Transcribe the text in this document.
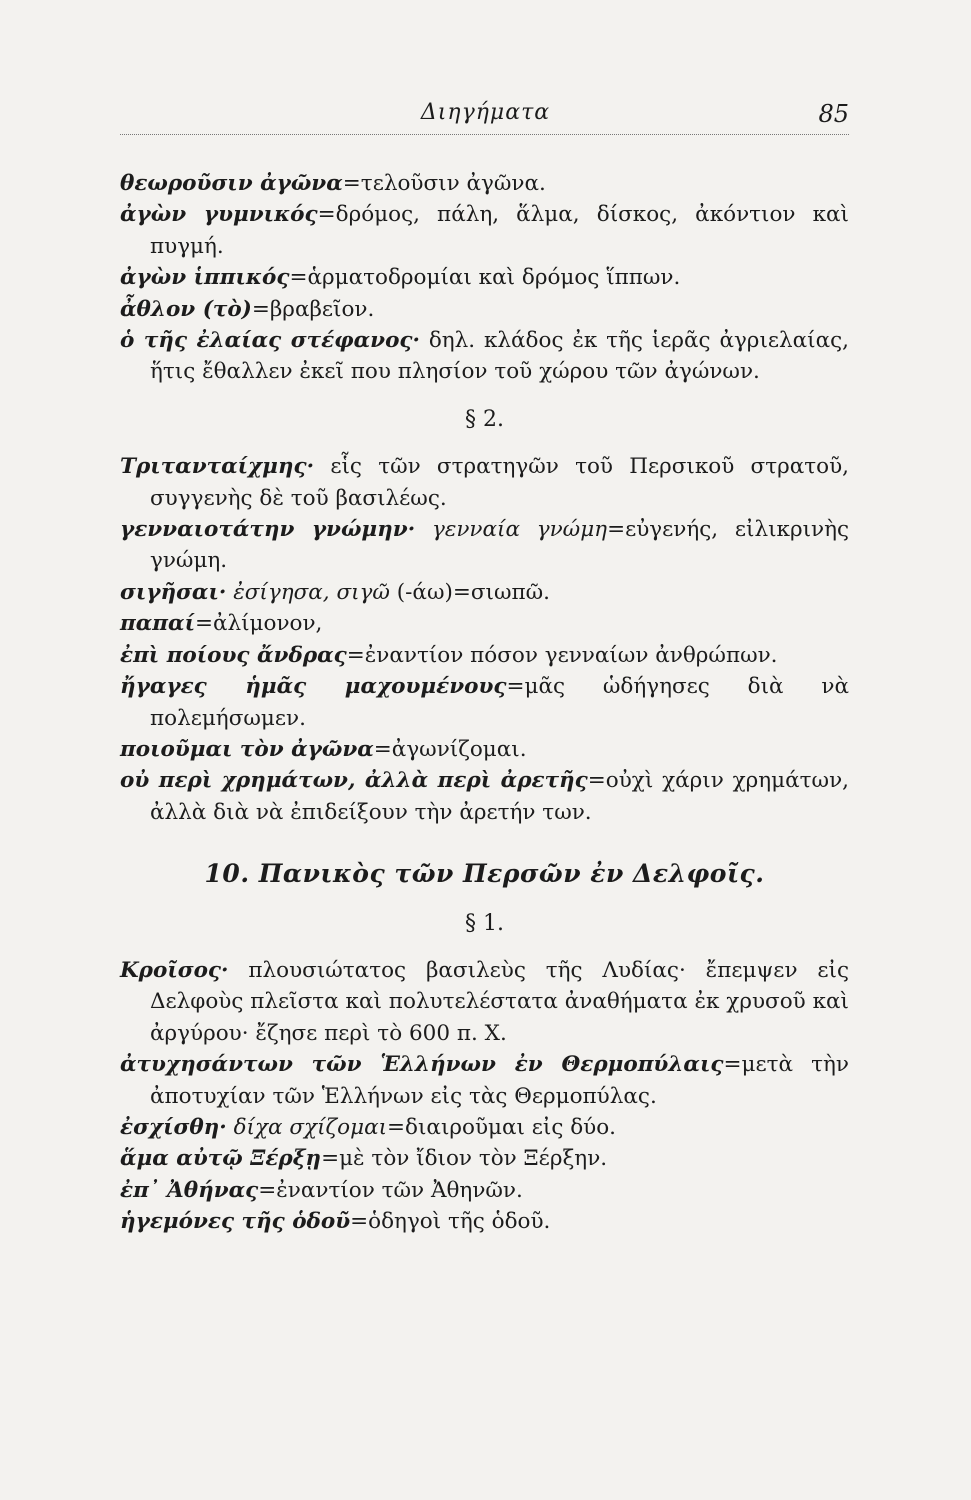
Διηγήματα	85

θεωροῦσιν ἀγῶνα=τελοῦσιν ἀγῶνα.

ἀγὼν γυμνικός=δρόμος, πάλη, ἅλμα, δίσκος, ἀκόντιον καὶ πυγμή.

ἀγὼν ἱππικός=ἁρματοδρομίαι καὶ δρόμος ἵππων.

ἆθλον (τὸ)=βραβεῖον.

ὁ τῆς ἐλαίας στέφανος· δηλ. κλάδος ἐκ τῆς ἱερᾶς ἀγριελαίας, ἥτις ἔθαλλεν ἐκεῖ που πλησίον τοῦ χώρου τῶν ἀγώνων.

§ 2.

Τριτανταίχμης· εἷς τῶν στρατηγῶν τοῦ Περσικοῦ στρατοῦ, συγγενὴς δὲ τοῦ βασιλέως.

γενναιοτάτην γνώμην· γενναία γνώμη=εὐγενής, εἰλικρινὴς γνώμη.

σιγῆσαι· ἐσίγησα, σιγῶ (-άω)=σιωπῶ.

παπαί=ἀλίμονον,

ἐπὶ ποίους ἄνδρας=ἐναντίον πόσον γενναίων ἀνθρώπων.

ἤγαγες ἡμᾶς μαχουμένους=μᾶς ὡδήγησες διὰ νὰ πολεμήσωμεν.

ποιοῦμαι τὸν ἀγῶνα=ἀγωνίζομαι.

οὐ περὶ χρημάτων, ἀλλὰ περὶ ἀρετῆς=οὐχὶ χάριν χρημάτων, ἀλλὰ διὰ νὰ ἐπιδείξουν τὴν ἀρετήν των.

10. Πανικὸς τῶν Περσῶν ἐν Δελφοῖς.
§ 1.

Κροῖσος· πλουσιώτατος βασιλεὺς τῆς Λυδίας· ἔπεμψεν εἰς Δελφοὺς πλεῖστα καὶ πολυτελέστατα ἀναθήματα ἐκ χρυσοῦ καὶ ἀργύρου· ἔζησε περὶ τὸ 600 π. Χ.

ἀτυχησάντων τῶν Ἑλλήνων ἐν Θερμοπύλαις=μετὰ τὴν ἀποτυχίαν τῶν Ἑλλήνων εἰς τὰς Θερμοπύλας.

ἐσχίσθη· δίχα σχίζομαι=διαιροῦμαι εἰς δύο.

ἅμα αὐτῷ Ξέρξῃ=μὲ τὸν ἴδιον τὸν Ξέρξην.

ἐπ᾽ Ἀθήνας=ἐναντίον τῶν Ἀθηνῶν.

ἡγεμόνες τῆς ὁδοῦ=ὁδηγοὶ τῆς ὁδοῦ.
